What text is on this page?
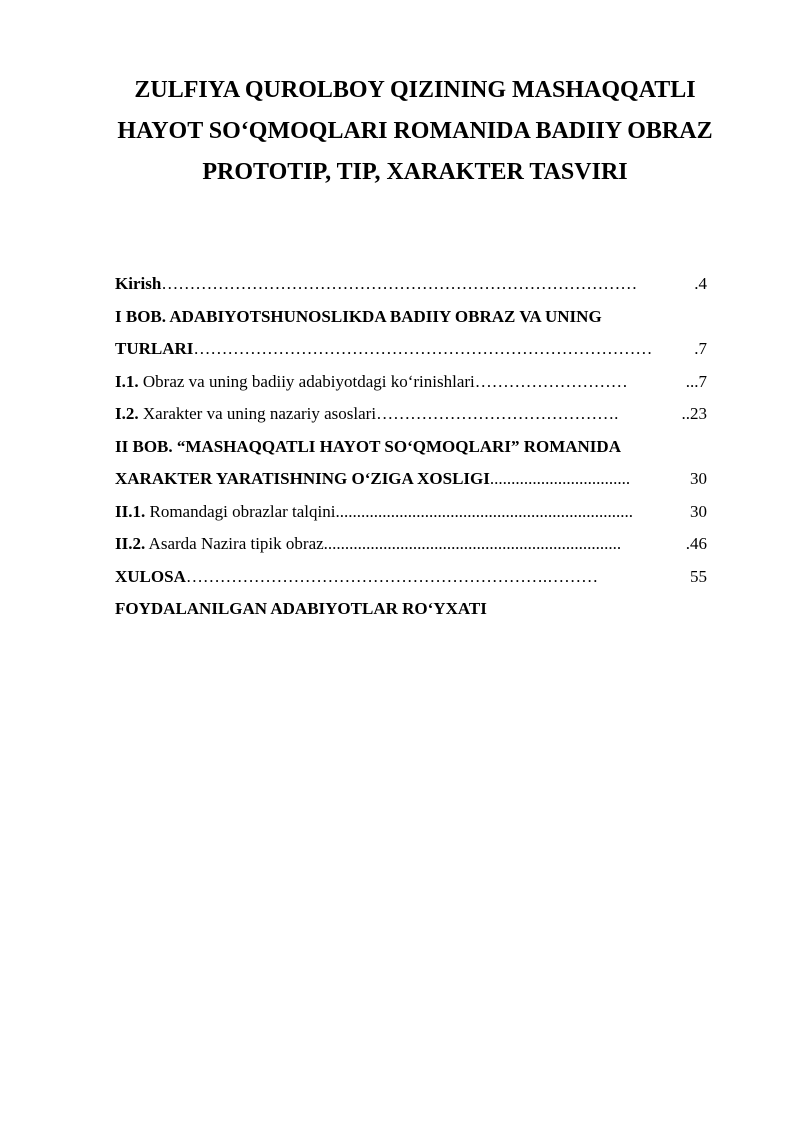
ZULFIYA QUROLBOY QIZINING MASHAQQATLI
HAYOT SO‘QMOQLARI ROMANIDA BADIIY OBRAZ
PROTOTIP, TIP, XARAKTER TASVIRI
Kirish …………………………………………………………………………	.4
I BOB. ADABIYOTSHUNOSLIKDA BADIIY OBRAZ VA UNING
TURLARI ………………………………………………………………………	.7
I.1. Obraz va uning badiiy adabiyotdagi ko‘rinishlari ………………………	...7
I.2. Xarakter va uning nazariy asoslari …………………………………….	..23
II BOB. “MASHAQQATLI HAYOT SO‘QMOQLARI” ROMANIDA
XARAKTER YARATISHNING O‘ZIGA XOSLIGI .................................	30
II.1. Romandagi obrazlar talqini ......................................................................	30
II.2. Asarda Nazira tipik obraz ......................................................................	.46
XULOSA ……………………………………………………….………	55
FOYDALANILGAN ADABIYOTLAR RO‘YXATI
